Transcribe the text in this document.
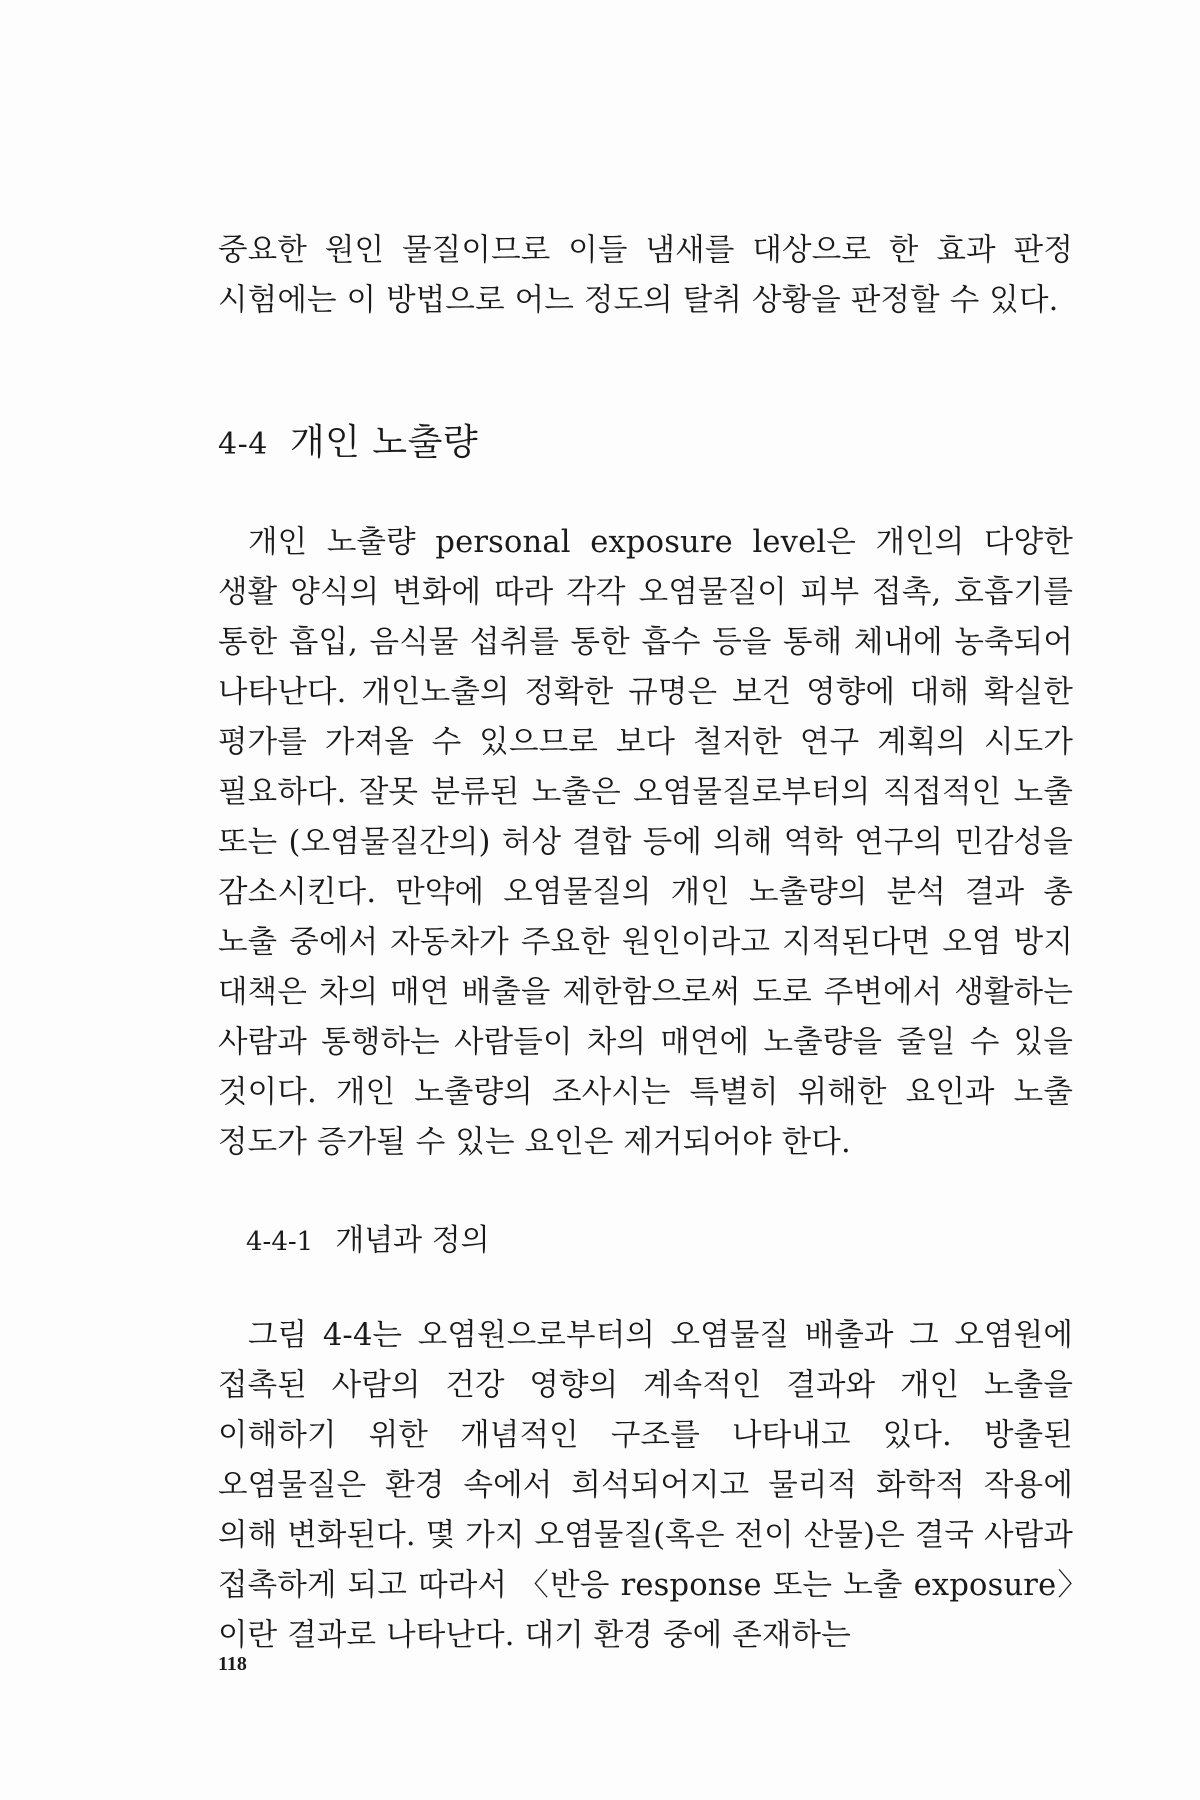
중요한 원인 물질이므로 이들 냄새를 대상으로 한 효과 판정 시험에는 이 방법으로 어느 정도의 탈취 상황을 판정할 수 있다.

4-4 개인 노출량

개인 노출량 personal exposure level은 개인의 다양한 생활 양식의 변화에 따라 각각 오염물질이 피부 접촉, 호흡기를 통한 흡입, 음식물 섭취를 통한 흡수 등을 통해 체내에 농축되어 나타난다. 개인노출의 정확한 규명은 보건 영향에 대해 확실한 평가를 가져올 수 있으므로 보다 철저한 연구 계획의 시도가 필요하다. 잘못 분류된 노출은 오염물질로부터의 직접적인 노출 또는 (오염물질간의) 허상 결합 등에 의해 역학 연구의 민감성을 감소시킨다. 만약에 오염물질의 개인 노출량의 분석 결과 총 노출 중에서 자동차가 주요한 원인이라고 지적된다면 오염 방지 대책은 차의 매연 배출을 제한함으로써 도로 주변에서 생활하는 사람과 통행하는 사람들이 차의 매연에 노출량을 줄일 수 있을 것이다. 개인 노출량의 조사시는 특별히 위해한 요인과 노출 정도가 증가될 수 있는 요인은 제거되어야 한다.

4-4-1 개념과 정의

그림 4-4는 오염원으로부터의 오염물질 배출과 그 오염원에 접촉된 사람의 건강 영향의 계속적인 결과와 개인 노출을 이해하기 위한 개념적인 구조를 나타내고 있다. 방출된 오염물질은 환경 속에서 희석되어지고 물리적 화학적 작용에 의해 변화된다. 몇 가지 오염물질(혹은 전이 산물)은 결국 사람과 접촉하게 되고 따라서 〈반응 response 또는 노출 exposure〉이란 결과로 나타난다. 대기 환경 중에 존재하는

118
